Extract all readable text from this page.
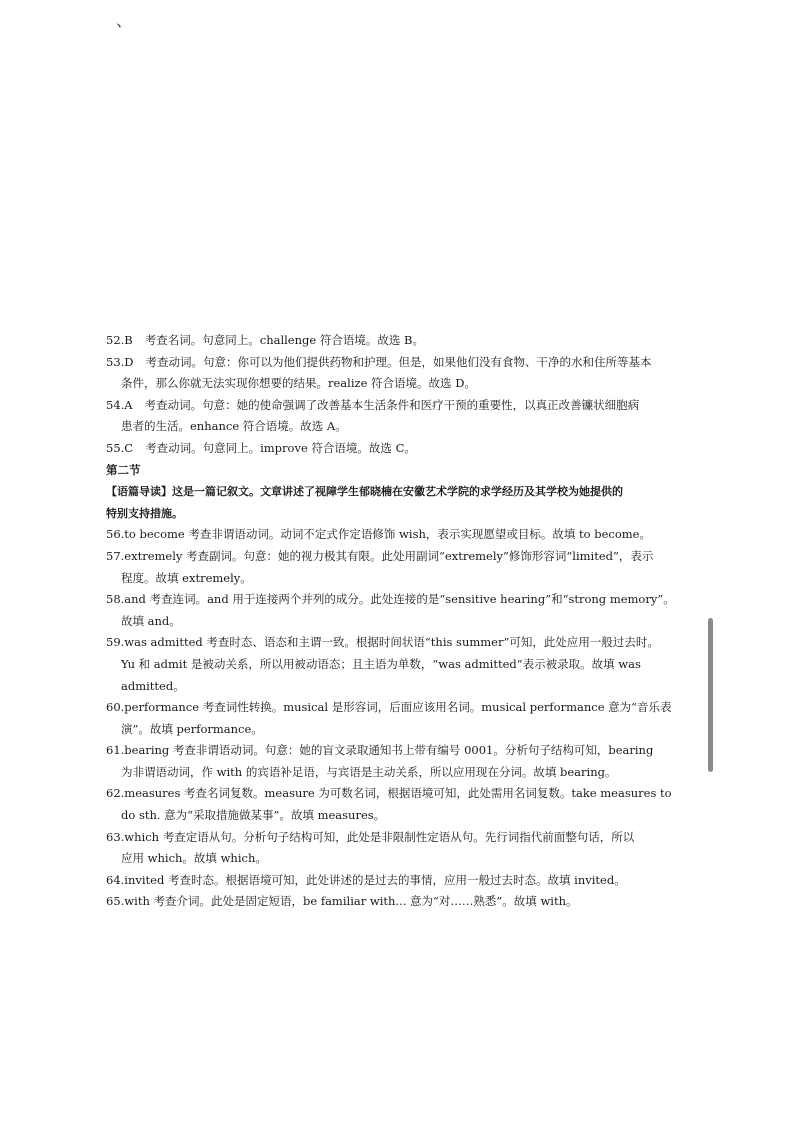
、

52.B 考查名词。句意同上。challenge 符合语境。故选 B。

53.D 考查动词。句意：你可以为他们提供药物和护理。但是，如果他们没有食物、干净的水和住所等基本

条件，那么你就无法实现你想要的结果。realize 符合语境。故选 D。

54.A 考查动词。句意：她的使命强调了改善基本生活条件和医疗干预的重要性，以真正改善镰状细胞病

患者的生活。enhance 符合语境。故选 A。

55.C 考查动词。句意同上。improve 符合语境。故选 C。

第二节

【语篇导读】这是一篇记叙文。文章讲述了视障学生郁晓楠在安徽艺术学院的求学经历及其学校为她提供的

特别支持措施。

56.to become 考查非谓语动词。动词不定式作定语修饰 wish，表示实现愿望或目标。故填 to become。

57.extremely 考查副词。句意：她的视力极其有限。此处用副词“extremely”修饰形容词“limited”，表示

程度。故填 extremely。

58.and 考查连词。and 用于连接两个并列的成分。此处连接的是“sensitive hearing”和“strong memory”。

故填 and。

59.was admitted 考查时态、语态和主谓一致。根据时间状语“this summer”可知，此处应用一般过去时。

Yu 和 admit 是被动关系，所以用被动语态；且主语为单数，“was admitted”表示被录取。故填 was

admitted。

60.performance 考查词性转换。musical 是形容词，后面应该用名词。musical performance 意为“音乐表

演”。故填 performance。

61.bearing 考查非谓语动词。句意：她的盲文录取通知书上带有编号 0001。分析句子结构可知，bearing

为非谓语动词，作 with 的宾语补足语，与宾语是主动关系，所以应用现在分词。故填 bearing。

62.measures 考查名词复数。measure 为可数名词，根据语境可知，此处需用名词复数。take measures to

do sth. 意为“采取措施做某事”。故填 measures。

63.which 考查定语从句。分析句子结构可知，此处是非限制性定语从句。先行词指代前面整句话，所以

应用 which。故填 which。

64.invited 考查时态。根据语境可知，此处讲述的是过去的事情，应用一般过去时态。故填 invited。

65.with 考查介词。此处是固定短语，be familiar with... 意为“对……熟悉”。故填 with。
